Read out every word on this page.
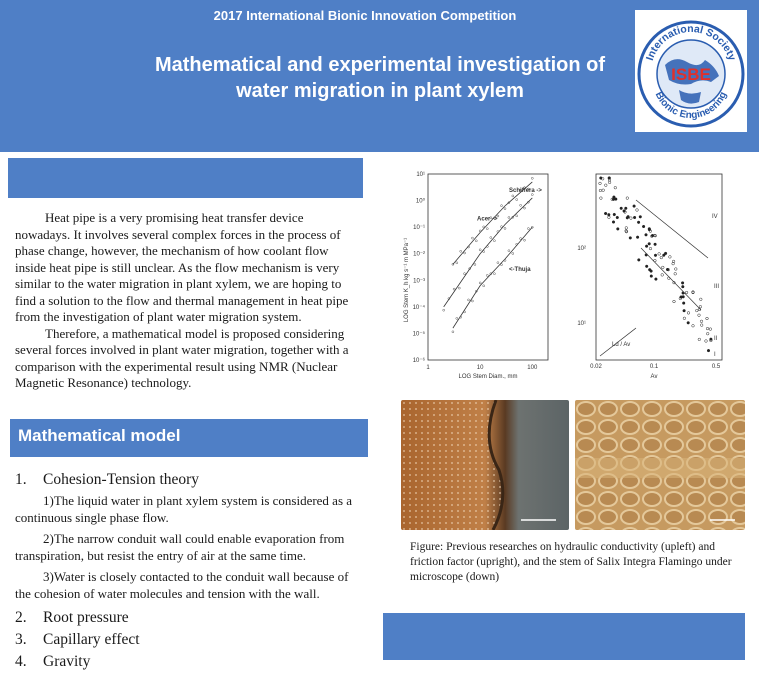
2017 International Bionic Innovation Competition
Mathematical and experimental investigation of
water migration in plant xylem
International Society
Bionic Engineering
ISBE

Heat pipe is a very promising heat transfer device nowadays. It involves several complex forces in the process of phase change, however, the mechanism of how coolant flow inside heat pipe is still unclear. As the flow mechanism is very similar to the water migration in plant xylem, we are hoping to find a solution to the flow and thermal management in heat pipe from the investigation of plant water migration system.

Therefore, a mathematical model is proposed considering several forces involved in plant water migration, together with a comparison with the experimental result using NMR (Nuclear Magnetic Resonance) technology.

Mathematical model
1.	Cohesion-Tension theory
1)The liquid water in plant xylem system is considered as a continuous single phase flow.
2)The narrow conduit wall could enable evaporation from transpiration, but resist the entry of air at the same time.
3)Water is closely contacted to the conduit wall because of the cohesion of water molecules and tension with the wall.
2.	Root pressure
3.	Capillary effect
4.	Gravity
10⁻⁶
10⁻⁵
10⁻⁴
10⁻³
10⁻²
10⁻¹
10⁰
10¹
1	10	100
Schiffera ->
Acer ->
<-Thuja
LOG Stem Diam., mm
LOG Stem K_h kg s⁻¹ m MPa⁻¹	10²
10¹
0.02	0.1	0.5
Av
IV
III
II
I
Ld / Av
Figure: Previous researches on hydraulic conductivity (upleft) and friction factor (upright), and the stem of Salix Integra Flamingo under microscope (down)
